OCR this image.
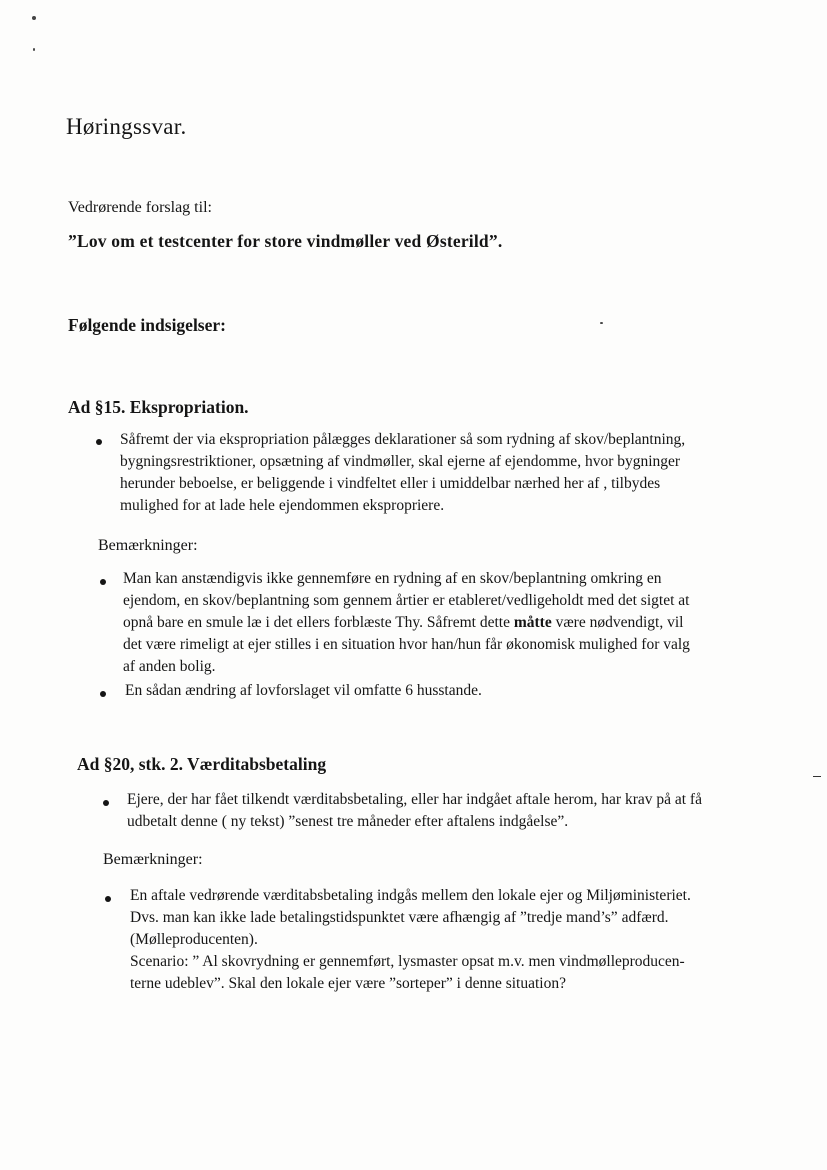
Høringssvar.
Vedrørende forslag til:
”Lov om et testcenter for store vindmøller ved Østerild”.
Følgende indsigelser:
Ad §15. Ekspropriation.
Såfremt der via ekspropriation pålægges deklarationer så som rydning af skov/beplantning,
bygningsrestriktioner, opsætning af vindmøller, skal ejerne af ejendomme, hvor bygninger
herunder beboelse, er beliggende i vindfeltet eller i umiddelbar nærhed her af , tilbydes
mulighed for at lade hele ejendommen ekspropriere.
Bemærkninger:
Man kan anstændigvis ikke gennemføre en rydning af en skov/beplantning omkring en
ejendom, en skov/beplantning som gennem årtier er etableret/vedligeholdt med det sigtet at
opnå bare en smule læ i det ellers forblæste Thy. Såfremt dette måtte være nødvendigt, vil
det være rimeligt at ejer stilles i en situation hvor han/hun får økonomisk mulighed for valg
af anden bolig.
En sådan ændring af lovforslaget vil omfatte 6 husstande.
Ad §20, stk. 2. Værditabsbetaling
Ejere, der har fået tilkendt værditabsbetaling, eller har indgået aftale herom, har krav på at få
udbetalt denne ( ny tekst) ”senest tre måneder efter aftalens indgåelse”.
Bemærkninger:
En aftale vedrørende værditabsbetaling indgås mellem den lokale ejer og Miljøministeriet.
Dvs. man kan ikke lade betalingstidspunktet være afhængig af ”tredje mand’s” adfærd.
(Mølleproducenten).
Scenario: ” Al skovrydning er gennemført, lysmaster opsat m.v. men vindmølleproducen-
terne udeblev”. Skal den lokale ejer være ”sorteper” i denne situation?
